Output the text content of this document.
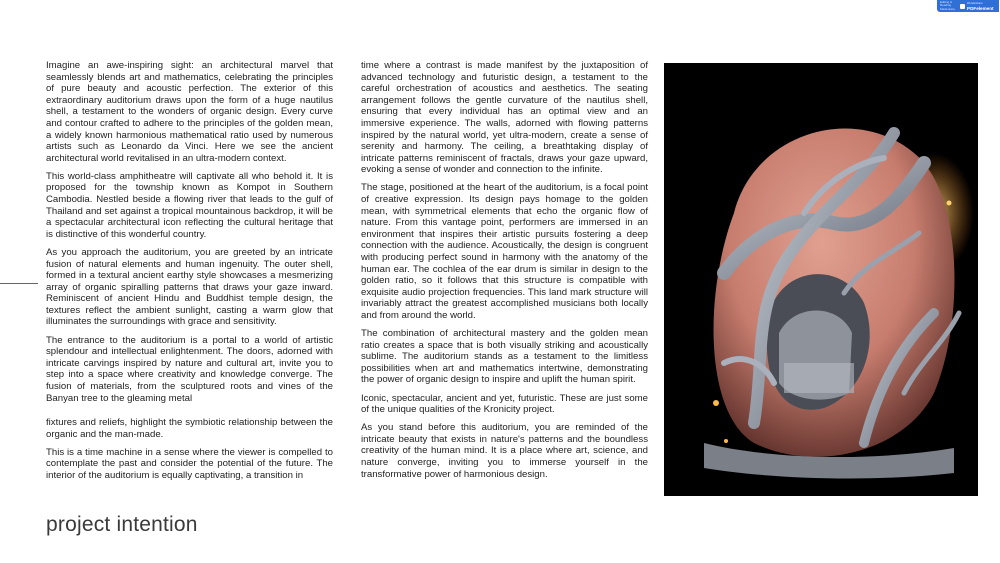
Editing & Reading Made Easy
Wondershare
PDFelement

Imagine an awe-inspiring sight: an architectural marvel that seamlessly blends art and mathematics, celebrating the principles of pure beauty and acoustic perfection. The exterior of this extraordinary auditorium draws upon the form of a huge nautilus shell, a testament to the wonders of organic design. Every curve and contour crafted to adhere to the principles of the golden mean, a widely known harmonious mathematical ratio used by numerous artists such as Leonardo da Vinci. Here we see the ancient architectural world revitalised in an ultra-modern context.

This world-class amphitheatre will captivate all who behold it. It is proposed for the township known as Kompot in Southern Cambodia. Nestled beside a flowing river that leads to the gulf of Thailand and set against a tropical mountainous backdrop, it will be a spectacular architectural icon reflecting the cultural heritage that is distinctive of this wonderful country.

As you approach the auditorium, you are greeted by an intricate fusion of natural elements and human ingenuity. The outer shell, formed in a textural ancient earthy style showcases a mesmerizing array of organic spiralling patterns that draws your gaze inward. Reminiscent of ancient Hindu and Buddhist temple design, the textures reflect the ambient sunlight, casting a warm glow that illuminates the surroundings with grace and sensitivity.

The entrance to the auditorium is a portal to a world of artistic splendour and intellectual enlightenment. The doors, adorned with intricate carvings inspired by nature and cultural art, invite you to step into a space where creativity and knowledge converge. The fusion of materials, from the sculptured roots and vines of the Banyan tree to the gleaming metal

fixtures and reliefs, highlight the symbiotic relationship between the organic and the man-made.

This is a time machine in a sense where the viewer is compelled to contemplate the past and consider the potential of the future. The interior of the auditorium is equally captivating, a transition in

time where a contrast is made manifest by the juxtaposition of advanced technology and futuristic design, a testament to the careful orchestration of acoustics and aesthetics. The seating arrangement follows the gentle curvature of the nautilus shell, ensuring that every individual has an optimal view and an immersive experience. The walls, adorned with flowing patterns inspired by the natural world, yet ultra-modern, create a sense of serenity and harmony. The ceiling, a breathtaking display of intricate patterns reminiscent of fractals, draws your gaze upward, evoking a sense of wonder and connection to the infinite.

The stage, positioned at the heart of the auditorium, is a focal point of creative expression. Its design pays homage to the golden mean, with symmetrical elements that echo the organic flow of nature. From this vantage point, performers are immersed in an environment that inspires their artistic pursuits fostering a deep connection with the audience. Acoustically, the design is congruent with producing perfect sound in harmony with the anatomy of the human ear. The cochlea of the ear drum is similar in design to the golden ratio, so it follows that this structure is compatible with exquisite audio projection frequencies. This land mark structure will invariably attract the greatest accomplished musicians both locally and from around the world.

The combination of architectural mastery and the golden mean ratio creates a space that is both visually striking and acoustically sublime. The auditorium stands as a testament to the limitless possibilities when art and mathematics intertwine, demonstrating the power of organic design to inspire and uplift the human spirit.

Iconic, spectacular, ancient and yet, futuristic. These are just some of the unique qualities of the Kronicity project.

As you stand before this auditorium, you are reminded of the intricate beauty that exists in nature's patterns and the boundless creativity of the human mind. It is a place where art, science, and nature converge, inviting you to immerse yourself in the transformative power of harmonious design.

project intention
